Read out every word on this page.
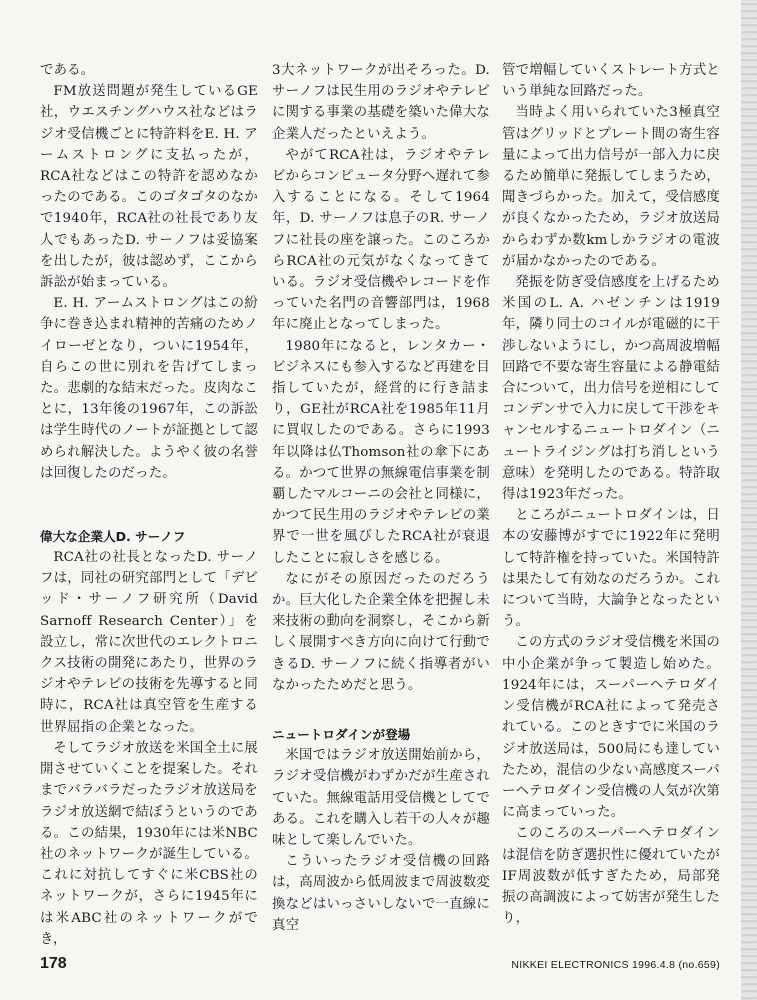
である。

FM放送問題が発生しているGE社，ウエスチングハウス社などはラジオ受信機ごとに特許料をE. H. アームストロングに支払ったが，RCA社などはこの特許を認めなかったのである。このゴタゴタのなかで1940年，RCA社の社長であり友人でもあったD. サーノフは妥協案を出したが，彼は認めず，ここから訴訟が始まっている。

E. H. アームストロングはこの紛争に巻き込まれ精神的苦痛のためノイローゼとなり，ついに1954年，自らこの世に別れを告げてしまった。悲劇的な結末だった。皮肉なことに，13年後の1967年，この訴訟は学生時代のノートが証拠として認められ解決した。ようやく彼の名誉は回復したのだった。

偉大な企業人D. サーノフ

RCA社の社長となったD. サーノフは，同社の研究部門として「デビッド・サーノフ研究所（David Sarnoff Research Center）」を設立し，常に次世代のエレクトロニクス技術の開発にあたり，世界のラジオやテレビの技術を先導すると同時に，RCA社は真空管を生産する世界屈指の企業となった。

そしてラジオ放送を米国全土に展開させていくことを提案した。それまでバラバラだったラジオ放送局をラジオ放送網で結ぼうというのである。この結果，1930年には米NBC社のネットワークが誕生している。これに対抗してすぐに米CBS社のネットワークが，さらに1945年には米ABC社のネットワークができ，

3大ネットワークが出そろった。D. サーノフは民生用のラジオやテレビに関する事業の基礎を築いた偉大な企業人だったといえよう。

やがてRCA社は，ラジオやテレビからコンピュータ分野へ遅れて参入することになる。そして1964年，D. サーノフは息子のR. サーノフに社長の座を譲った。このころからRCA社の元気がなくなってきている。ラジオ受信機やレコードを作っていた名門の音響部門は，1968年に廃止となってしまった。

1980年になると，レンタカー・ビジネスにも参入するなど再建を目指していたが，経営的に行き詰まり，GE社がRCA社を1985年11月に買収したのである。さらに1993年以降は仏Thomson社の傘下にある。かつて世界の無線電信事業を制覇したマルコーニの会社と同様に，かつて民生用のラジオやテレビの業界で一世を風びしたRCA社が衰退したことに寂しさを感じる。

なにがその原因だったのだろうか。巨大化した企業全体を把握し未来技術の動向を洞察し，そこから新しく展開すべき方向に向けて行動できるD. サーノフに続く指導者がいなかったためだと思う。

ニュートロダインが登場

米国ではラジオ放送開始前から，ラジオ受信機がわずかだが生産されていた。無線電話用受信機としてである。これを購入し若干の人々が趣味として楽しんでいた。

こういったラジオ受信機の回路は，高周波から低周波まで周波数変換などはいっさいしないで一直線に真空

管で増幅していくストレート方式という単純な回路だった。

当時よく用いられていた3極真空管はグリッドとプレート間の寄生容量によって出力信号が一部入力に戻るため簡単に発振してしまうため，聞きづらかった。加えて，受信感度が良くなかったため，ラジオ放送局からわずか数kmしかラジオの電波が届かなかったのである。

発振を防ぎ受信感度を上げるため米国のL. A. ハゼンチンは1919年，隣り同士のコイルが電磁的に干渉しないようにし，かつ高周波増幅回路で不要な寄生容量による静電結合について，出力信号を逆相にしてコンデンサで入力に戻して干渉をキャンセルするニュートロダイン（ニュートライジングは打ち消しという意味）を発明したのである。特許取得は1923年だった。

ところがニュートロダインは，日本の安藤博がすでに1922年に発明して特許権を持っていた。米国特許は果たして有効なのだろうか。これについて当時，大論争となったという。

この方式のラジオ受信機を米国の中小企業が争って製造し始めた。1924年には，スーパーヘテロダイン受信機がRCA社によって発売されている。このときすでに米国のラジオ放送局は，500局にも達していたため，混信の少ない高感度スーパーヘテロダイン受信機の人気が次第に高まっていった。

このころのスーパーヘテロダインは混信を防ぎ選択性に優れていたがIF周波数が低すぎたため，局部発振の高調波によって妨害が発生したり，

178	NIKKEI ELECTRONICS 1996.4.8 (no.659)
